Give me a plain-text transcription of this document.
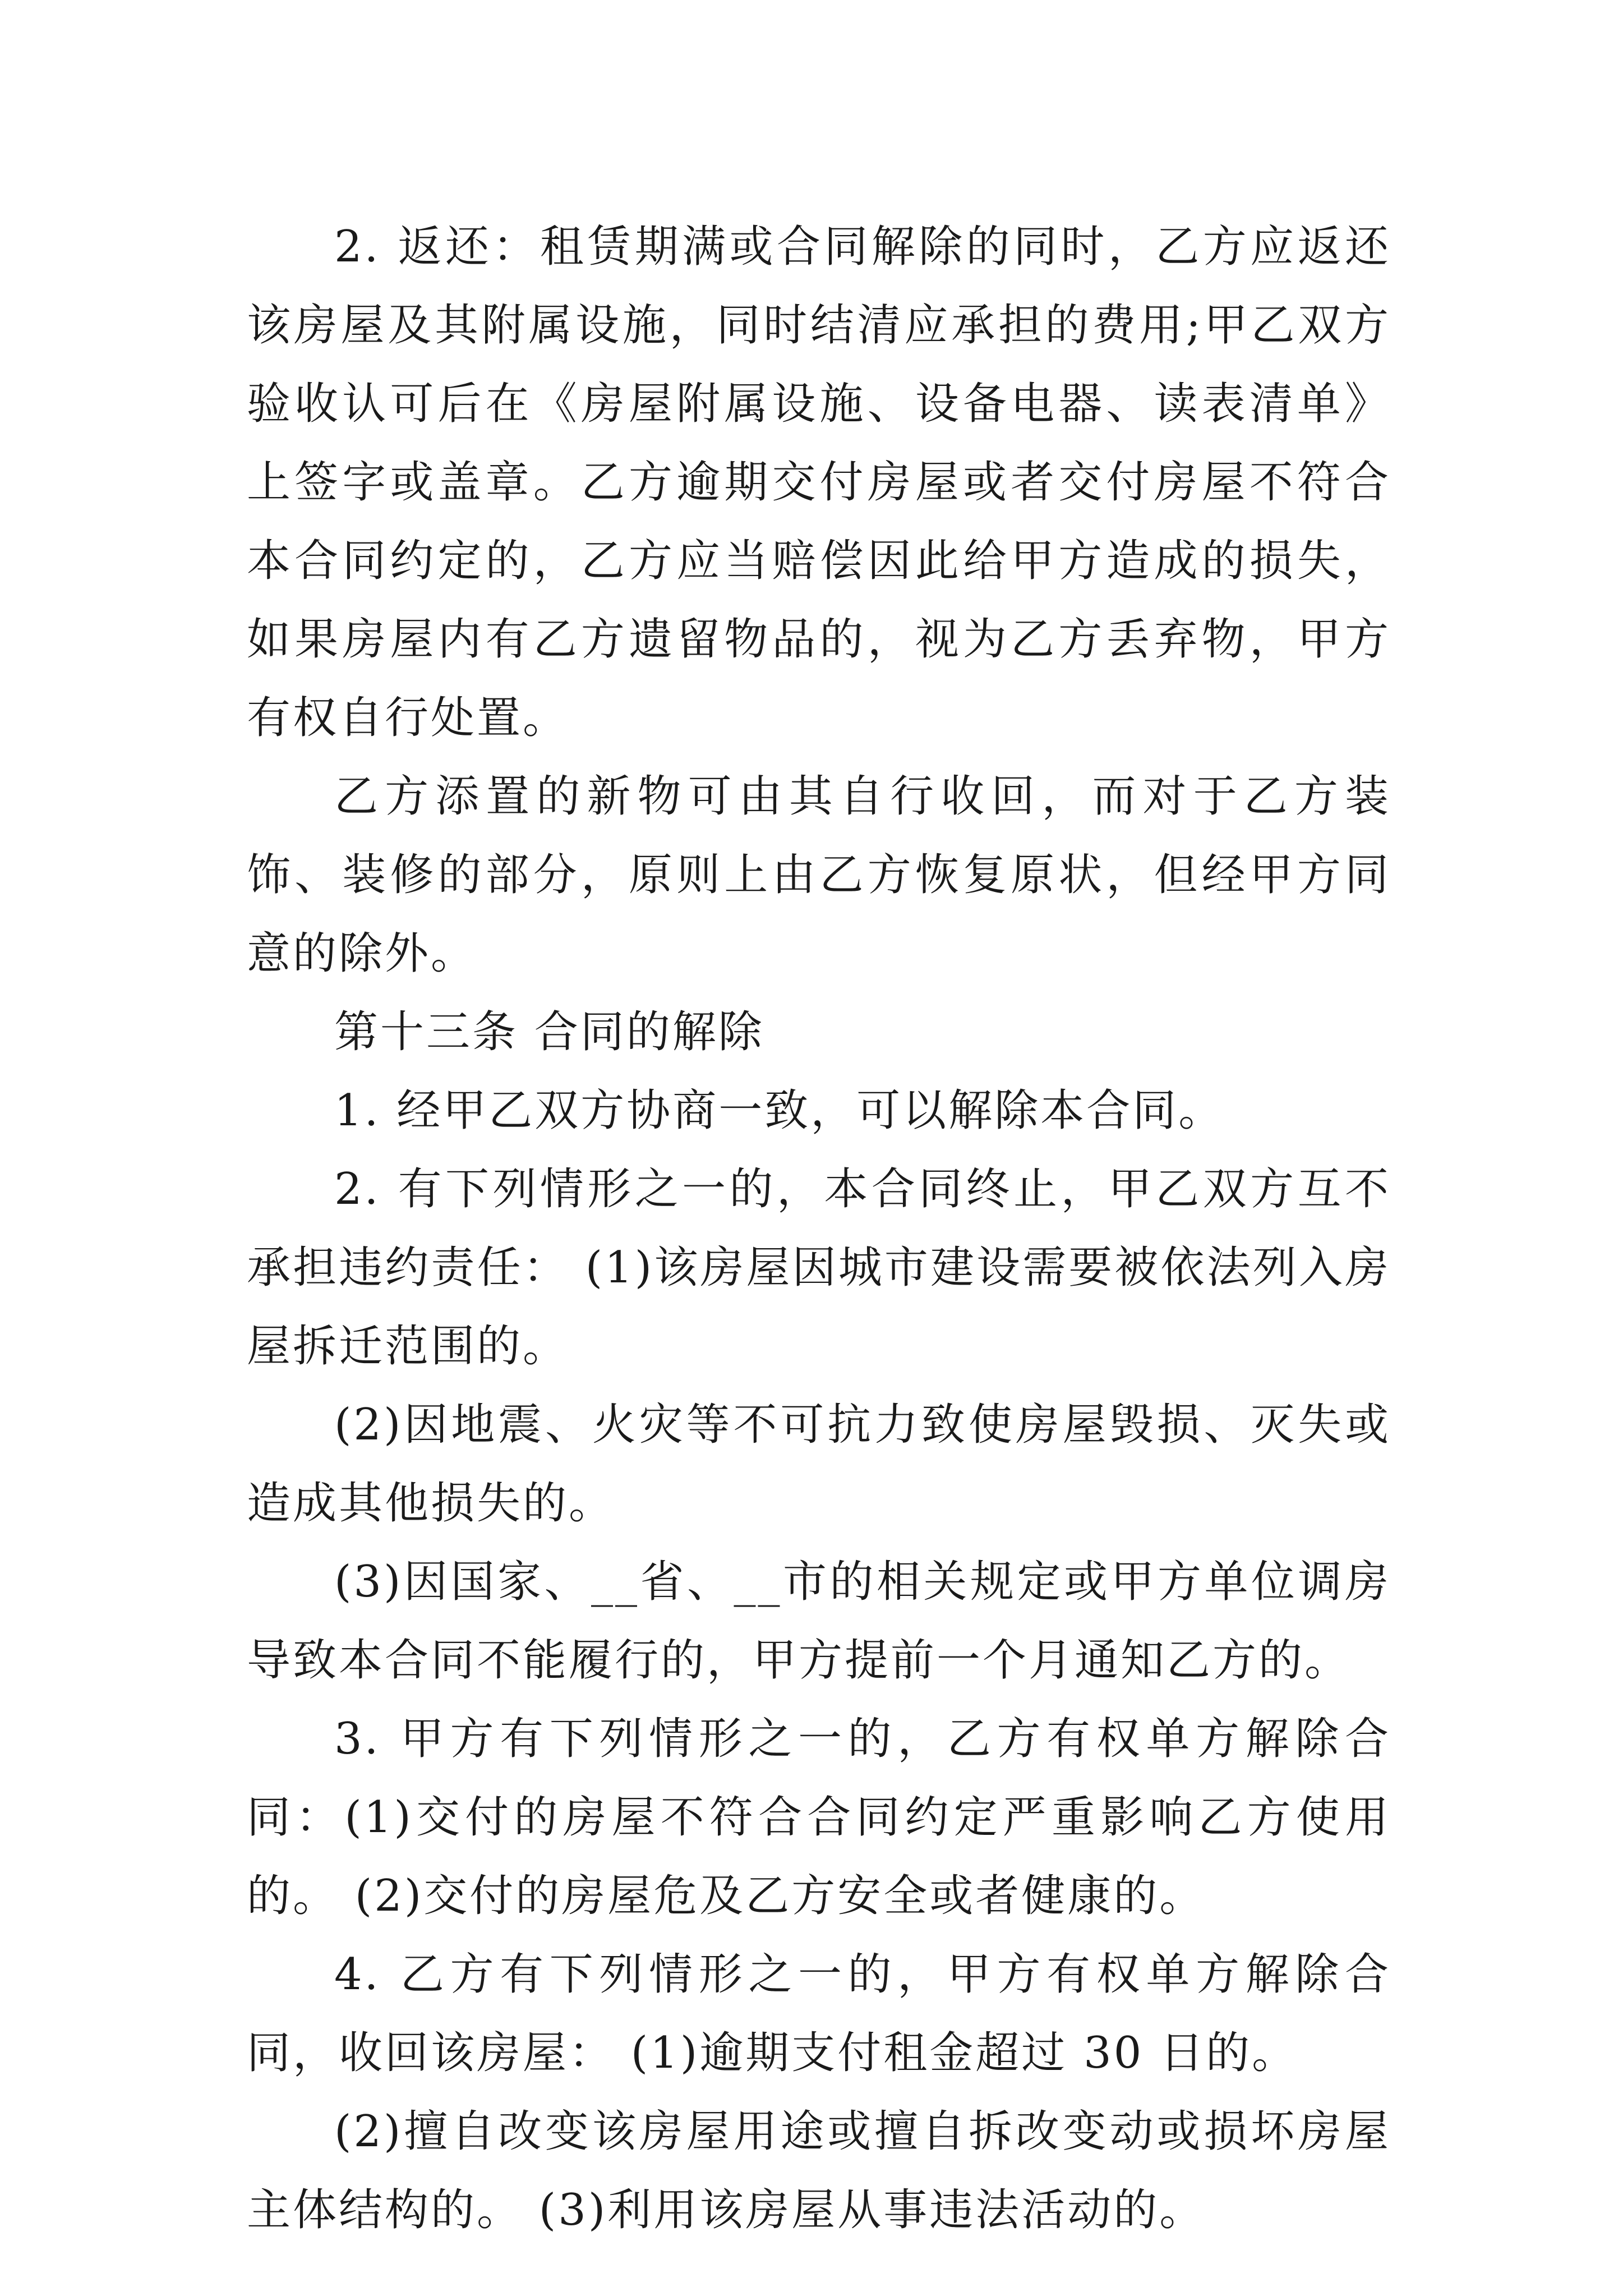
2. 返还：租赁期满或合同解除的同时，乙方应返还该房屋及其附属设施，同时结清应承担的费用;甲乙双方验收认可后在《房屋附属设施、设备电器、读表清单》上签字或盖章。乙方逾期交付房屋或者交付房屋不符合本合同约定的，乙方应当赔偿因此给甲方造成的损失，如果房屋内有乙方遗留物品的，视为乙方丢弃物，甲方有权自行处置。

乙方添置的新物可由其自行收回，而对于乙方装饰、装修的部分，原则上由乙方恢复原状，但经甲方同意的除外。

第十三条 合同的解除

1. 经甲乙双方协商一致，可以解除本合同。

2. 有下列情形之一的，本合同终止，甲乙双方互不承担违约责任： (1)该房屋因城市建设需要被依法列入房屋拆迁范围的。

(2)因地震、火灾等不可抗力致使房屋毁损、灭失或造成其他损失的。

(3)因国家、__省、__市的相关规定或甲方单位调房导致本合同不能履行的，甲方提前一个月通知乙方的。

3. 甲方有下列情形之一的，乙方有权单方解除合同：(1)交付的房屋不符合合同约定严重影响乙方使用的。 (2)交付的房屋危及乙方安全或者健康的。

4. 乙方有下列情形之一的，甲方有权单方解除合同，收回该房屋： (1)逾期支付租金超过 30 日的。

(2)擅自改变该房屋用途或擅自拆改变动或损坏房屋主体结构的。 (3)利用该房屋从事违法活动的。
